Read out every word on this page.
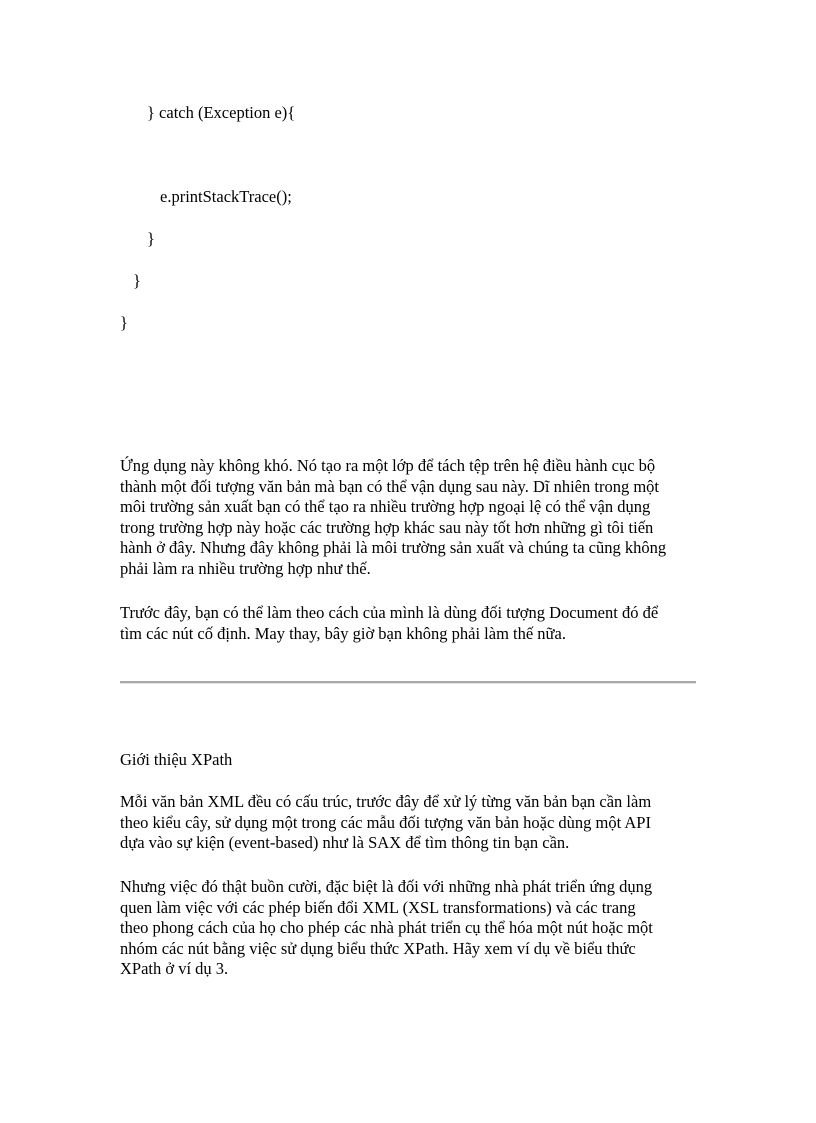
} catch (Exception e){
e.printStackTrace();
}
}
}

Ứng dụng này không khó. Nó tạo ra một lớp để tách tệp trên hệ điều hành cục bộ
thành một đối tượng văn bản mà bạn có thể vận dụng sau này. Dĩ nhiên trong một
môi trường sản xuất bạn có thể tạo ra nhiều trường hợp ngoại lệ có thể vận dụng
trong trường hợp này hoặc các trường hợp khác sau này tốt hơn những gì tôi tiến
hành ở đây. Nhưng đây không phải là môi trường sản xuất và chúng ta cũng không
phải làm ra nhiều trường hợp như thế.

Trước đây, bạn có thể làm theo cách của mình là dùng đối tượng Document đó để
tìm các nút cố định. May thay, bây giờ bạn không phải làm thế nữa.

Giới thiệu XPath

Mỗi văn bản XML đều có cấu trúc, trước đây để xử lý từng văn bản bạn cần làm
theo kiểu cây, sử dụng một trong các mẫu đối tượng văn bản hoặc dùng một API
dựa vào sự kiện (event-based) như là SAX để tìm thông tin bạn cần.

Nhưng việc đó thật buồn cười, đặc biệt là đối với những nhà phát triển ứng dụng
quen làm việc với các phép biến đổi XML (XSL transformations) và các trang
theo phong cách của họ cho phép các nhà phát triển cụ thể hóa một nút hoặc một
nhóm các nút bằng việc sử dụng biểu thức XPath. Hãy xem ví dụ về biểu thức
XPath ở ví dụ 3.
